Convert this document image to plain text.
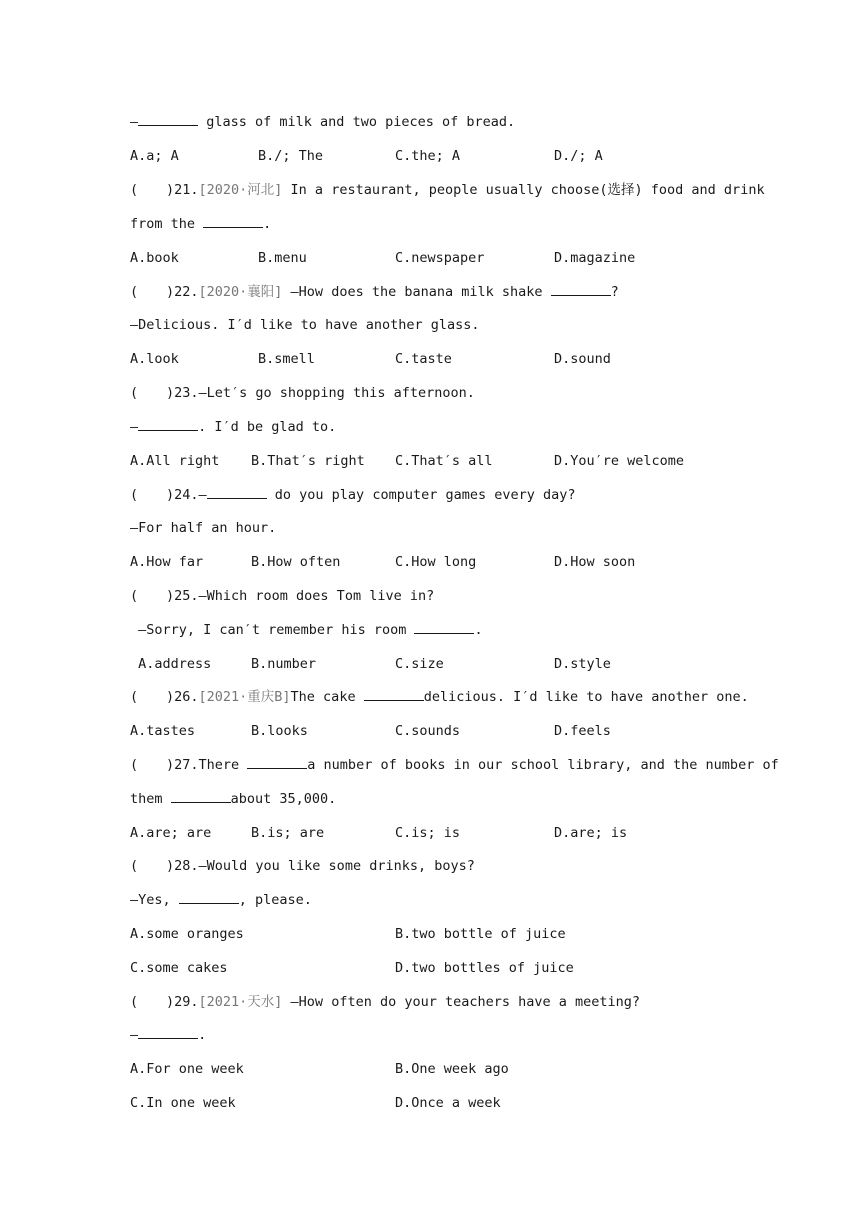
—	glass of milk and two pieces of bread.
A.a; A	B./; The	C.the; A	D./; A
( )21.[2020·河北] In a restaurant, people usually choose(选择) food and drink
from the	.
A.book	B.menu	C.newspaper	D.magazine
( )22.[2020·襄阳] —How does the banana milk shake	?
—Delicious. I′d like to have another glass.
A.look	B.smell	C.taste	D.sound
( )23.—Let′s go shopping this afternoon.
—	. I′d be glad to.
A.All right B.That′s right C.That′s all	D.You′re welcome
( )24.—	do you play computer games every day?
—For half an hour.
A.How far	B.How often	C.How long	D.How soon
( )25.—Which room does Tom live in?
—Sorry, I can′t remember his room	.
A.address	B.number	C.size	D.style
( )26.[2021·重庆B]The cake	delicious. I′d like to have another one.
A.tastes	B.looks	C.sounds	D.feels
( )27.There	a number of books in our school library, and the number of
them	about 35,000.
A.are; are	B.is; are	C.is; is	D.are; is
( )28.—Would you like some drinks, boys?
—Yes,	, please.
A.some oranges	B.two bottle of juice
C.some cakes	D.two bottles of juice
( )29.[2021·天水] —How often do your teachers have a meeting?
—	.
A.For one week	B.One week ago
C.In one week	D.Once a week
